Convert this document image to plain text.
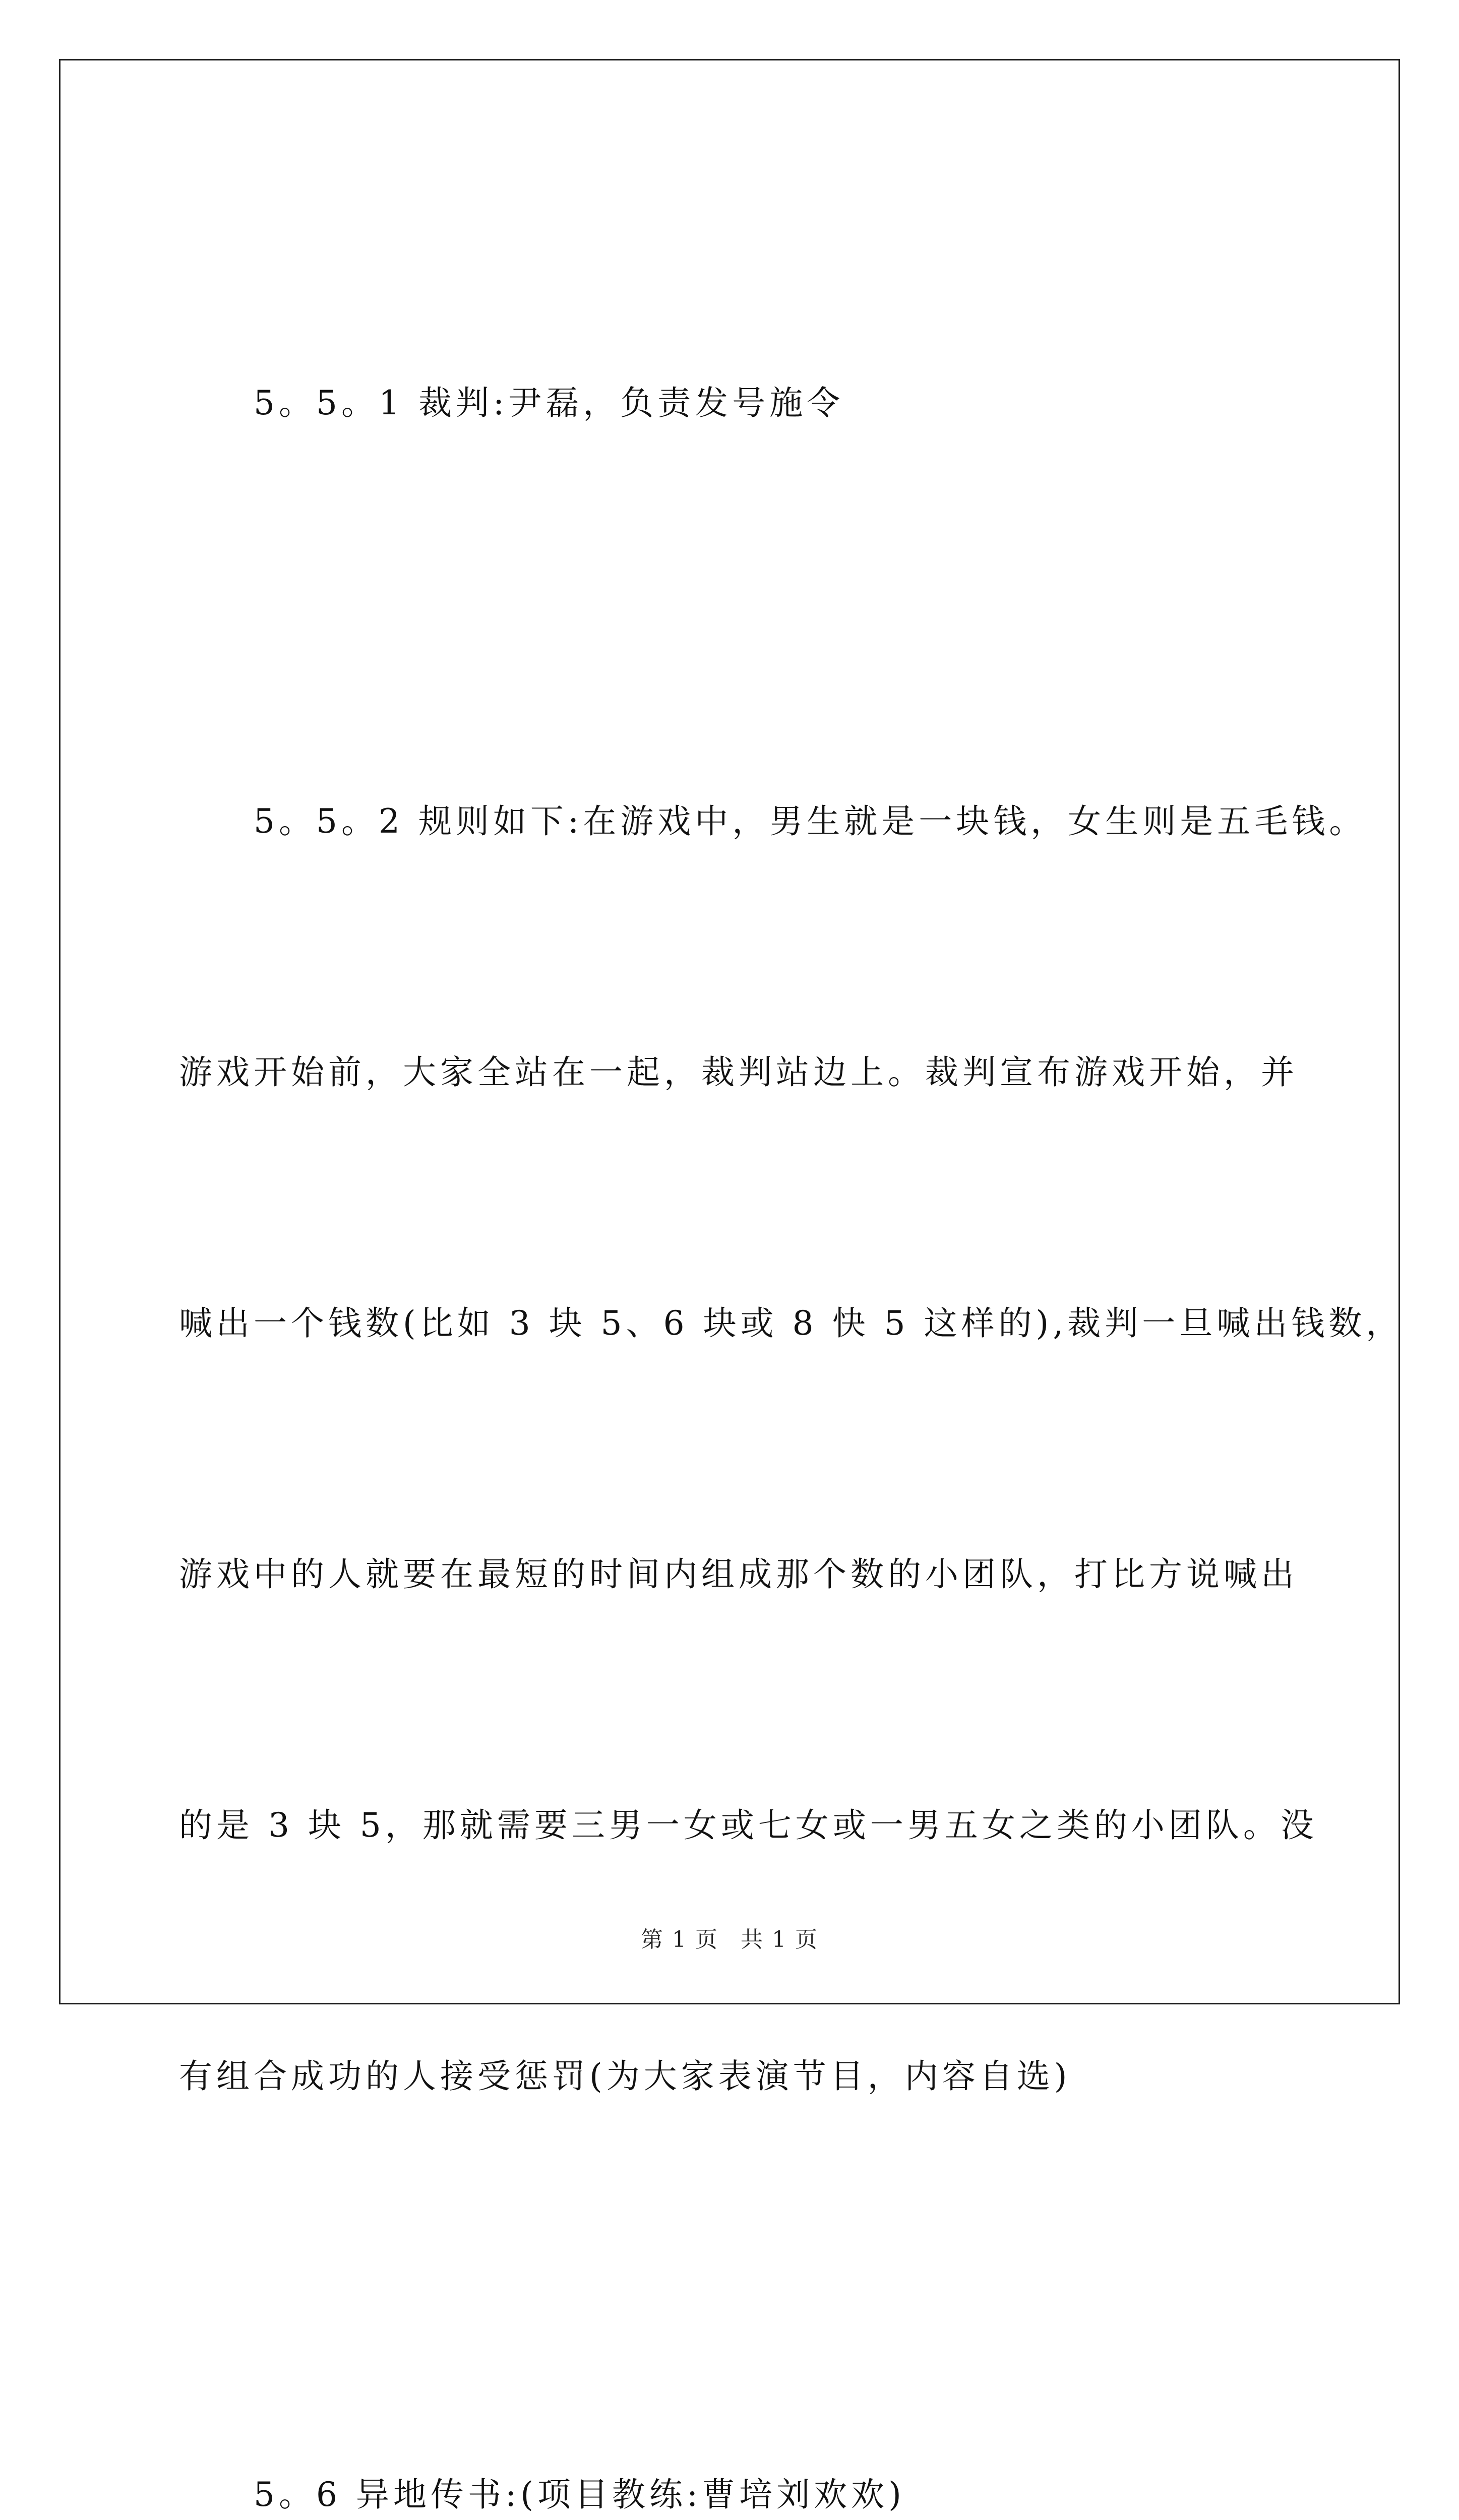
5。5。1 裁判:尹磊，负责发号施令

5。5。2 规则如下:在游戏中，男生就是一块钱，女生则是五毛钱。

游戏开始前，大家全站在一起，裁判站边上。裁判宣布游戏开始，并

喊出一个钱数(比如 3 块 5、6 块或 8 快 5 这样的),裁判一旦喊出钱数，

游戏中的人就要在最短的时间内组成那个数的小团队，打比方说喊出

的是 3 块 5，那就需要三男一女或七女或一男五女之类的小团队。没

有组合成功的人接受惩罚(为大家表演节目，内容自选)

5。6 异地传书:(项目教练:曹培刘欢欢)

第 1 页 共 1 页
